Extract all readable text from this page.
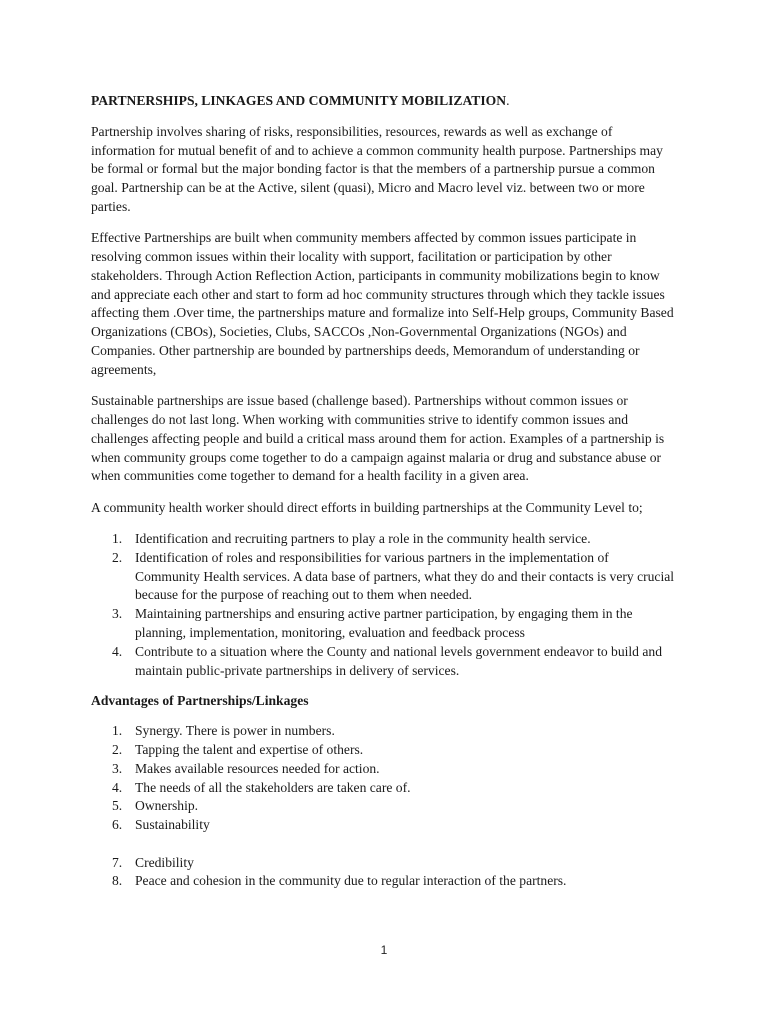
PARTNERSHIPS, LINKAGES AND COMMUNITY MOBILIZATION.

Partnership involves sharing of risks, responsibilities, resources, rewards as well as exchange of information for mutual benefit of and to achieve a common community health purpose. Partnerships may be formal or formal but the major bonding factor is that the members of a partnership pursue a common goal. Partnership can be at the Active, silent (quasi), Micro and Macro level viz. between two or more parties.

Effective Partnerships are built when community members affected by common issues participate in resolving common issues within their locality with support, facilitation or participation by other stakeholders. Through Action Reflection Action, participants in community mobilizations begin to know and appreciate each other and start to form ad hoc community structures through which they tackle issues affecting them .Over time, the partnerships mature and formalize into Self-Help groups, Community Based Organizations (CBOs), Societies, Clubs, SACCOs ,Non-Governmental Organizations (NGOs) and Companies. Other partnership are bounded by partnerships deeds, Memorandum of understanding or agreements,

Sustainable partnerships are issue based (challenge based). Partnerships without common issues or challenges do not last long. When working with communities strive to identify common issues and challenges affecting people and build a critical mass around them for action. Examples of a partnership is when community groups come together to do a campaign against malaria or drug and substance abuse or when communities come together to demand for a health facility in a given area.

A community health worker should direct efforts in building partnerships at the Community Level to;

1. Identification and recruiting partners to play a role in the community health service.
2. Identification of roles and responsibilities for various partners in the implementation of Community Health services. A data base of partners, what they do and their contacts is very crucial because for the purpose of reaching out to them when needed.
3. Maintaining partnerships and ensuring active partner participation, by engaging them in the planning, implementation, monitoring, evaluation and feedback process
4. Contribute to a situation where the County and national levels government endeavor to build and maintain public-private partnerships in delivery of services.
Advantages of Partnerships/Linkages
1. Synergy. There is power in numbers.
2. Tapping the talent and expertise of others.
3. Makes available resources needed for action.
4. The needs of all the stakeholders are taken care of.
5. Ownership.
6. Sustainability
7. Credibility
8. Peace and cohesion in the community due to regular interaction of the partners.
1
